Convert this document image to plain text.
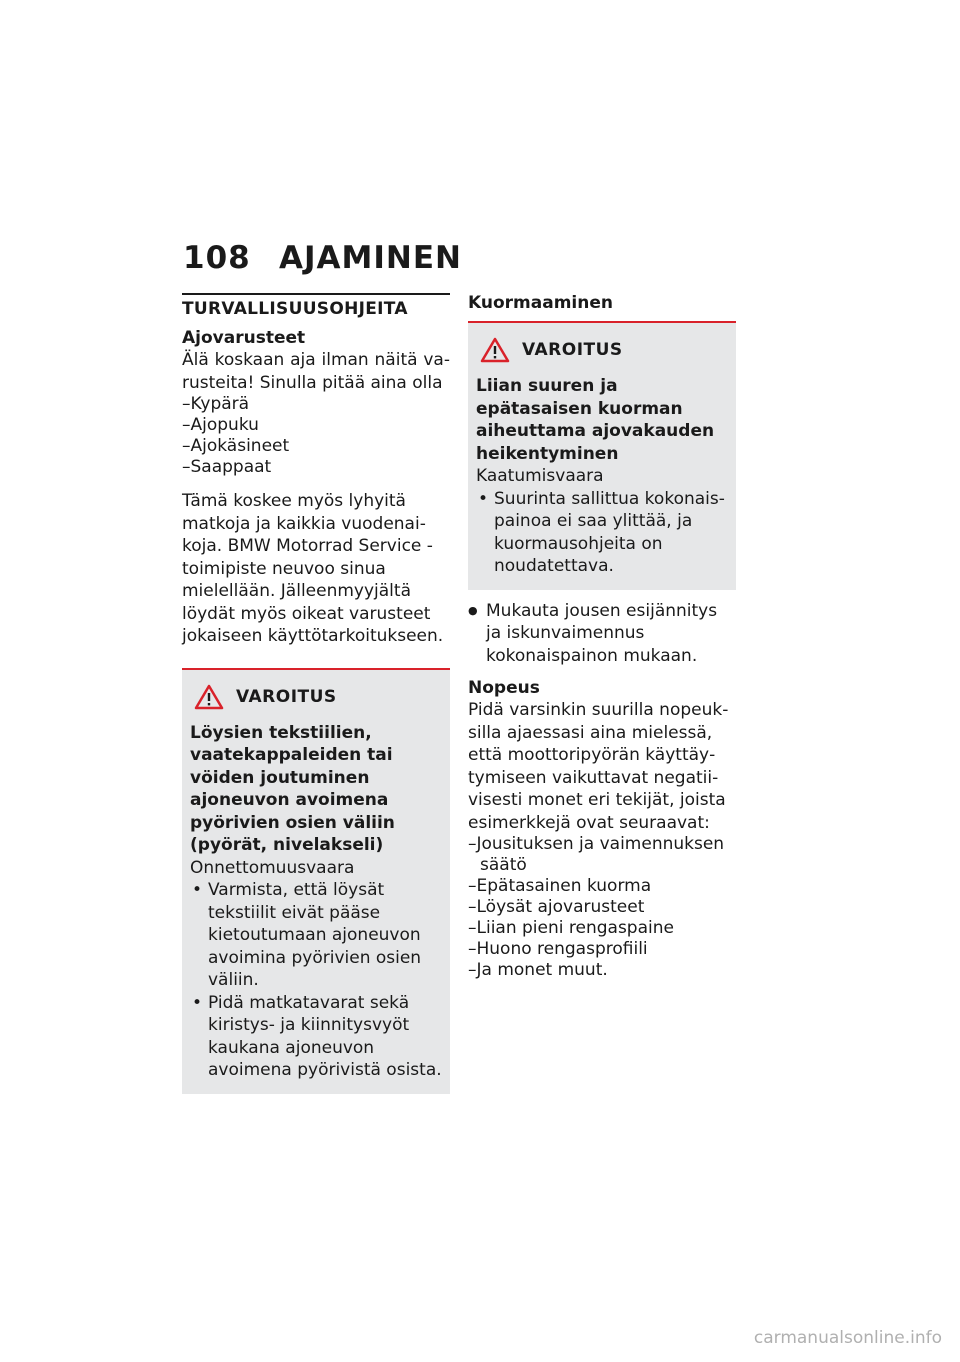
108 AJAMINEN
TURVALLISUUSOHJEITA
Ajovarusteet

Älä koskaan aja ilman näitä varusteita! Sinulla pitää aina olla

– Kypärä
– Ajopuku
– Ajokäsineet
– Saappaat

Tämä koskee myös lyhyitä matkoja ja kaikkia vuodenaikoja. BMW Motorrad Service -toimipiste neuvoo sinua mielellään. Jälleenmyyjältä löydät myös oikeat varusteet jokaiseen käyttötarkoitukseen.

VAROITUS
Löysien tekstiilien, vaatekappaleiden tai vöiden joutuminen ajoneuvon avoimena pyörivien osien väliin (pyörät, nivelakseli)
Onnettomuusvaara
• Varmista, että löysät tekstiilit eivät pääse kietoutumaan ajoneuvon avoimina pyörivien osien väliin.
• Pidä matkatavarat sekä kiristys- ja kiinnitysvyöt kaukana ajoneuvon avoimena pyörivistä osista.
Kuormaaminen
VAROITUS
Liian suuren ja epätasaisen kuorman aiheuttama ajovakauden heikentyminen
Kaatumisvaara
• Suurinta sallittua kokonaispainoa ei saa ylittää, ja kuormausohjeita on noudatettava.
● Mukauta jousen esijännitys ja iskunvaimennus kokonaispainon mukaan.
Nopeus

Pidä varsinkin suurilla nopeuksilla ajaessasi aina mielessä, että moottoripyörän käyttäytymiseen vaikuttavat negatiivisesti monet eri tekijät, joista esimerkkejä ovat seuraavat:

– Jousituksen ja vaimennuksen säätö
– Epätasainen kuorma
– Löysät ajovarusteet
– Liian pieni rengaspaine
– Huono rengasprofiili
– Ja monet muut.
carmanualsonline.info
